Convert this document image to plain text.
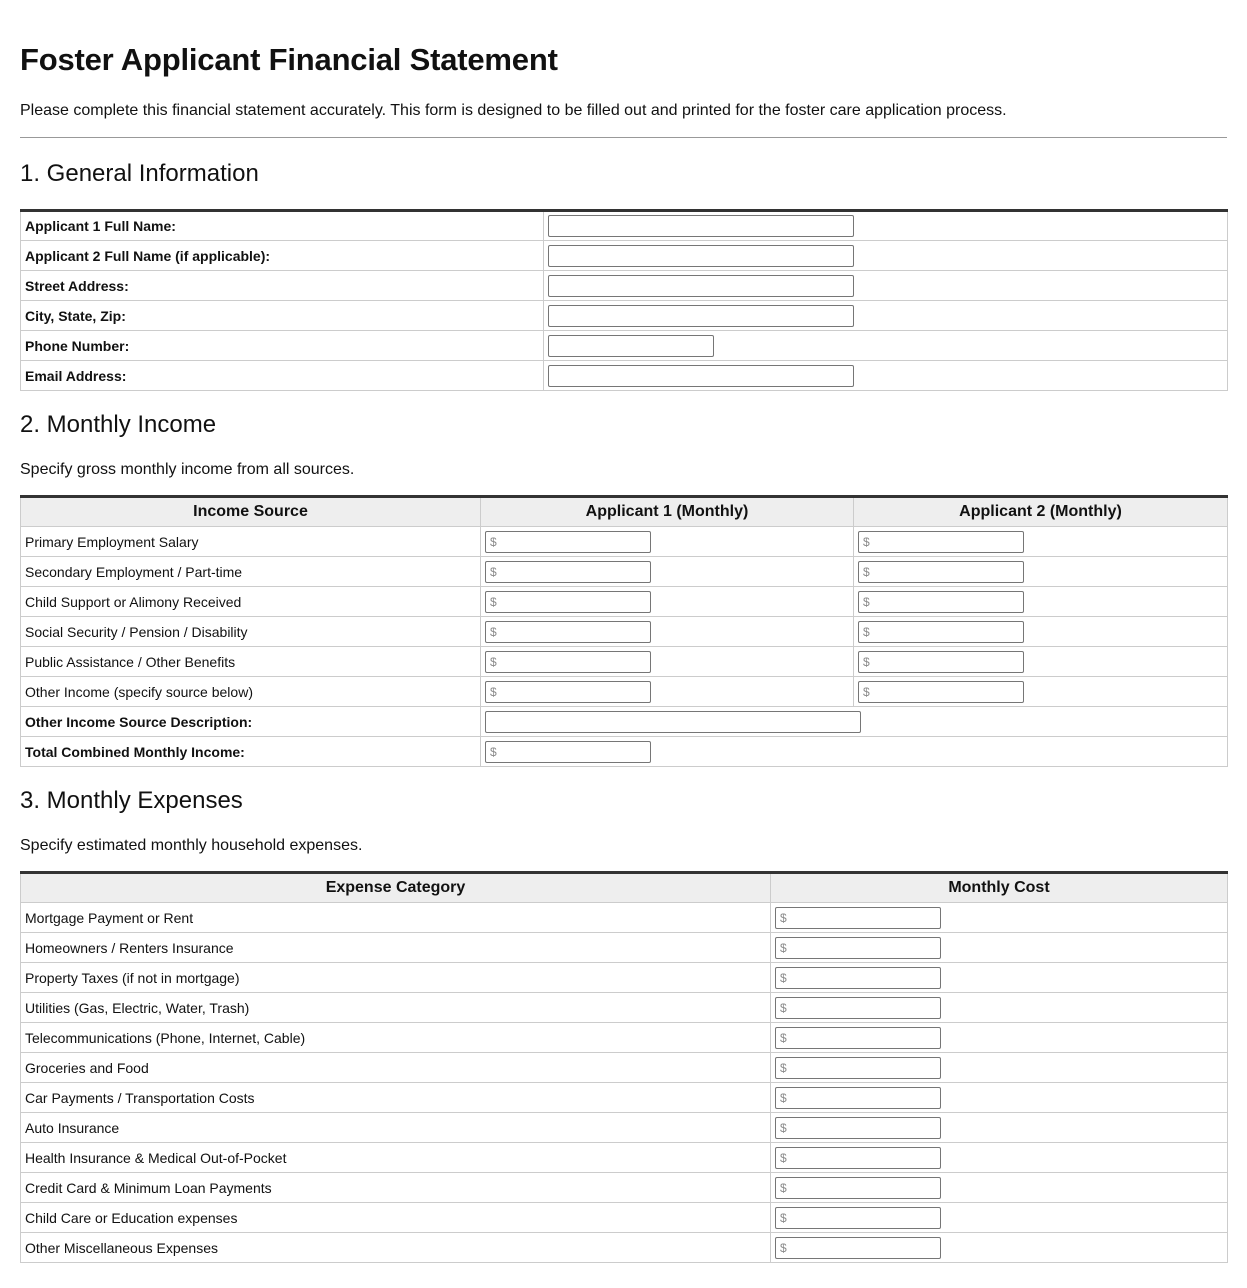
Foster Applicant Financial Statement

Please complete this financial statement accurately. This form is designed to be filled out and printed for the foster care application process.

1. General Information
Applicant 1 Full Name:	
Applicant 2 Full Name (if applicable):	
Street Address:	
City, State, Zip:	
Phone Number:	
Email Address:	
2. Monthly Income

Specify gross monthly income from all sources.

Income Source	Applicant 1 (Monthly)	Applicant 2 (Monthly)
Primary Employment Salary	$	$
Secondary Employment / Part-time	$	$
Child Support or Alimony Received	$	$
Social Security / Pension / Disability	$	$
Public Assistance / Other Benefits	$	$
Other Income (specify source below)	$	$
Other Income Source Description:	
Total Combined Monthly Income:	$	
3. Monthly Expenses

Specify estimated monthly household expenses.

Expense Category	Monthly Cost
Mortgage Payment or Rent	$
Homeowners / Renters Insurance	$
Property Taxes (if not in mortgage)	$
Utilities (Gas, Electric, Water, Trash)	$
Telecommunications (Phone, Internet, Cable)	$
Groceries and Food	$
Car Payments / Transportation Costs	$
Auto Insurance	$
Health Insurance & Medical Out-of-Pocket	$
Credit Card & Minimum Loan Payments	$
Child Care or Education expenses	$
Other Miscellaneous Expenses	$
